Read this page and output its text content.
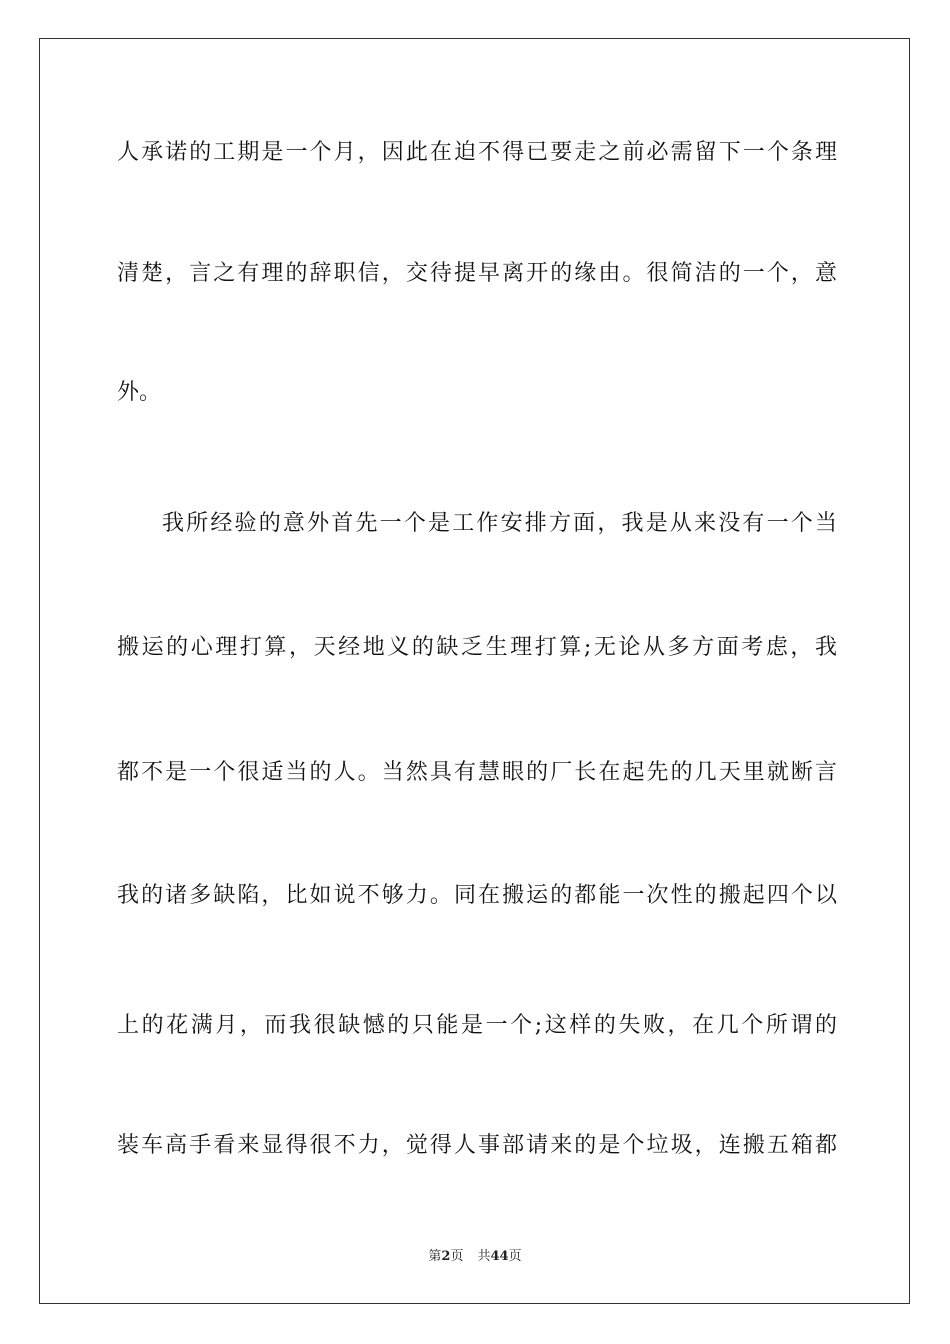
人承诺的工期是一个月，因此在迫不得已要走之前必需留下一个条理
清楚，言之有理的辞职信，交待提早离开的缘由。很简洁的一个，意
外。
我所经验的意外首先一个是工作安排方面，我是从来没有一个当
搬运的心理打算，天经地义的缺乏生理打算;无论从多方面考虑，我
都不是一个很适当的人。当然具有慧眼的厂长在起先的几天里就断言
我的诸多缺陷，比如说不够力。同在搬运的都能一次性的搬起四个以
上的花满月，而我很缺憾的只能是一个;这样的失败，在几个所谓的
装车高手看来显得很不力，觉得人事部请来的是个垃圾，连搬五箱都
第2页 共44页
